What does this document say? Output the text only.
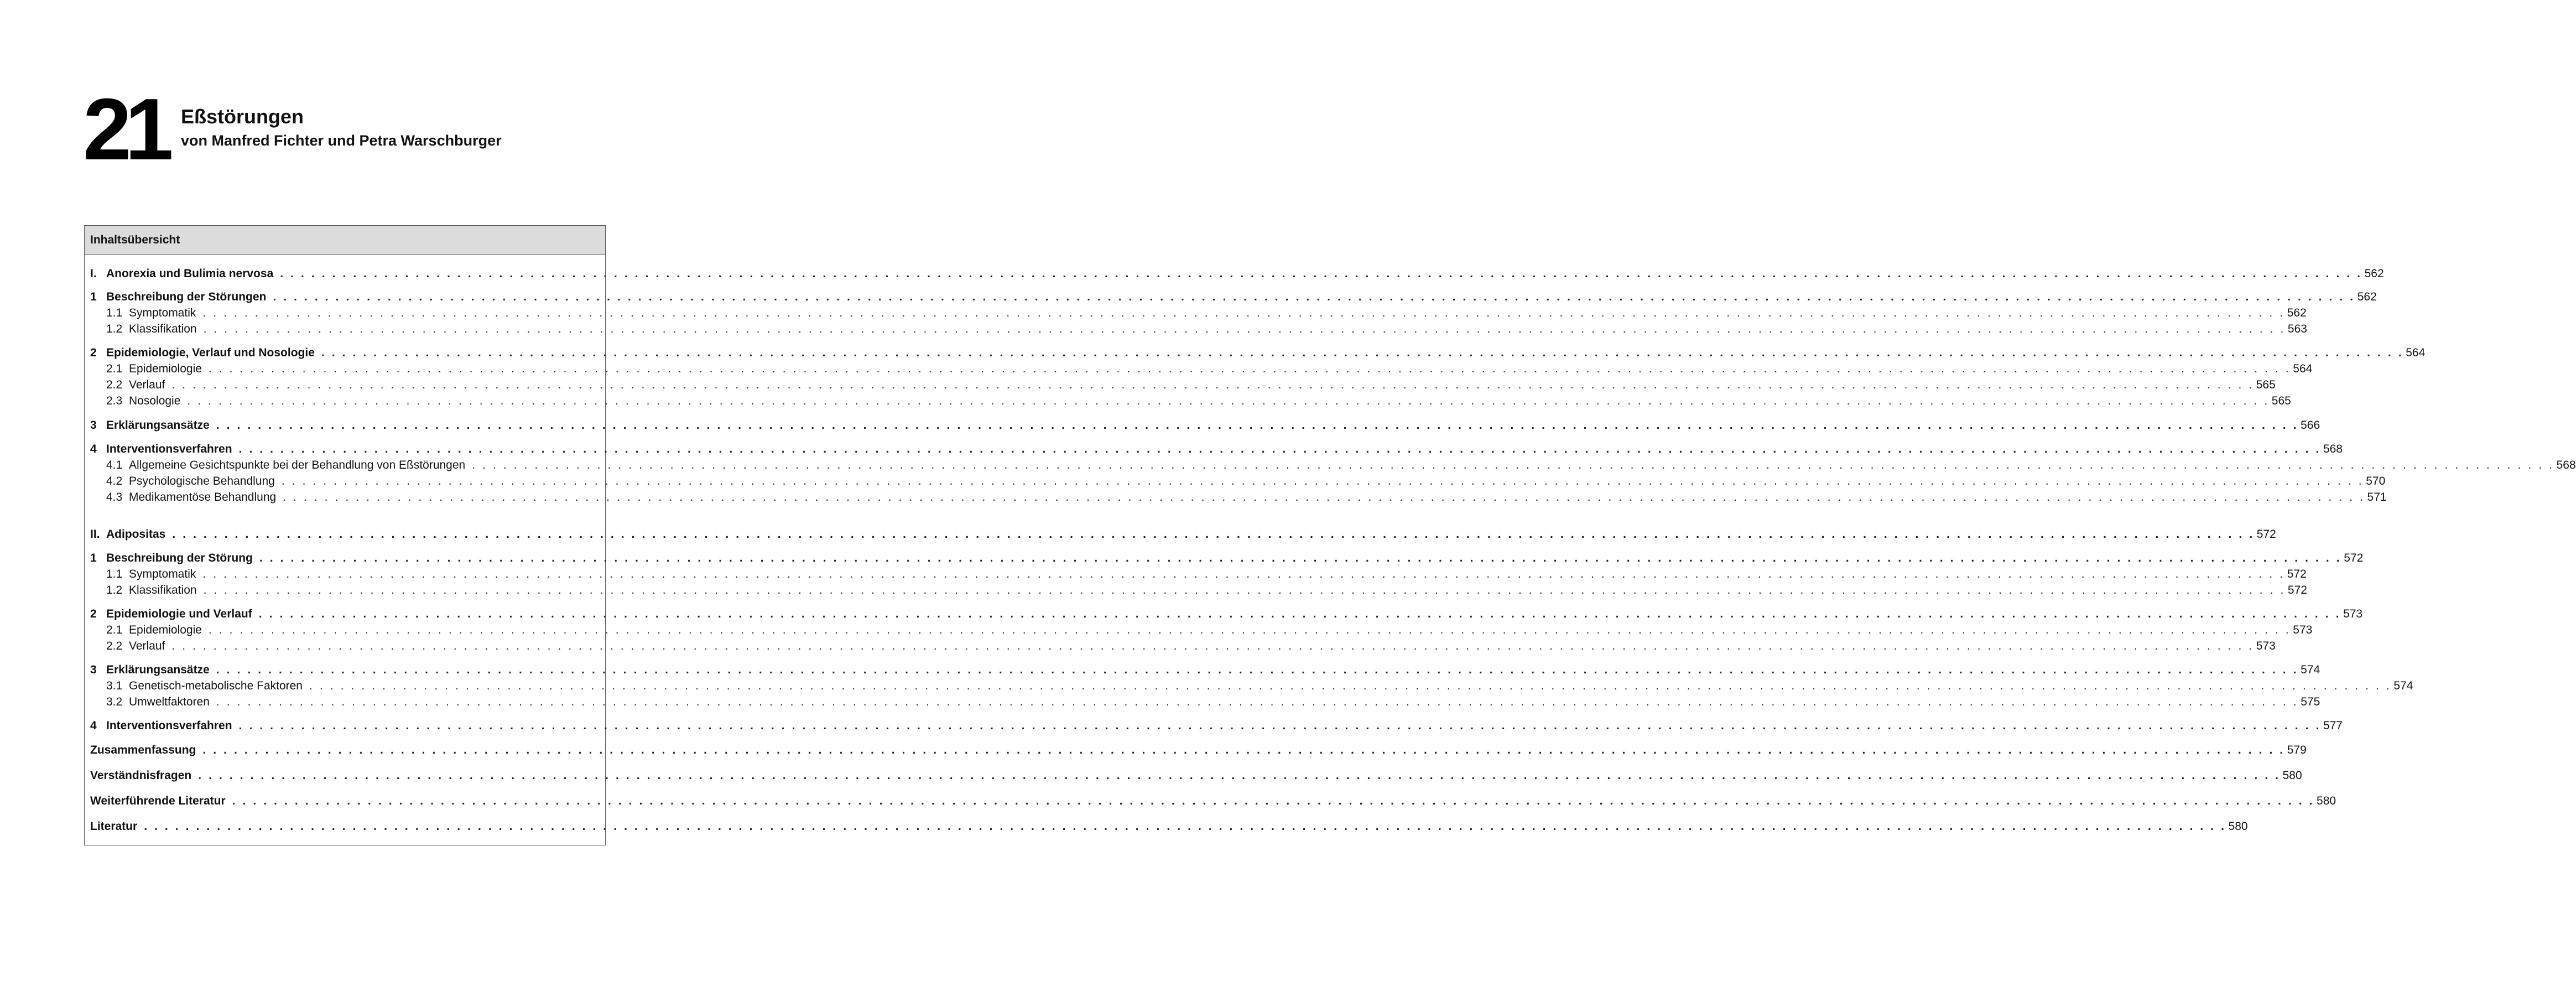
21 Eßstörungen
von Manfred Fichter und Petra Warschburger
Inhaltsübersicht
I. Anorexia und Bulimia nervosa . . . . . . . . . . . . . . . . . . . . . . . . . . . . . . . . . . . . . . . . . . . . . . . . . . . . . . . . . . . . . . . . . . . . . . . . . . . . . . . . . . . . . . . . . . . . . . . . . . . . . . . . . . . . . . . . . . . . . . . . . . . . . . . . . . . . . . . . . . . . . . . . . . . . . . . . . . . . . . . . . . . . . . . . . . . . . . . . . . . . . . . . . . . . . . . . . . . . . . . . 562
1 Beschreibung der Störungen . . . . . . . . . . . . . . . . . . . . . . . . . . . . . . . . . . . . . . . . . . . . . . . . . . . . . . . . . . . . . . . . . . . . . . . . . . . . . . . . . . . . . . . . . . . . . . . . . . . . . . . . . . . . . . . . . . . . . . . . . . . . . . . . . . . . . . . . . . . . . . . . . . . . . . . . . . . . . . . . . . . . . . . . . . . . . . . . . . . . . . . . . . . . . . . . . . . . . . . . 562
1.1 Symptomatik . . . . . . . . . . . . . . . . . . . . . . . . . . . . . . . . . . . . . . . . . . . . . . . . . . . . . . . . . . . . . . . . . . . . . . . . . . . . . . . . . . . . . . . . . . . . . . . . . . . . . . . . . . . . . . . . . . . . . . . . . . . . . . . . . . . . . . . . . . . . . . . . . . . . . . . . . . . . . . . . . . . . . . . . . . . . . . . . . . . . . . . . . . . . . . . . . . . . . . . . 562
1.2 Klassifikation . . . . . . . . . . . . . . . . . . . . . . . . . . . . . . . . . . . . . . . . . . . . . . . . . . . . . . . . . . . . . . . . . . . . . . . . . . . . . . . . . . . . . . . . . . . . . . . . . . . . . . . . . . . . . . . . . . . . . . . . . . . . . . . . . . . . . . . . . . . . . . . . . . . . . . . . . . . . . . . . . . . . . . . . . . . . . . . . . . . . . . . . . . . . . . . . . . . . . . . . 563
2 Epidemiologie, Verlauf und Nosologie . . . . . . . . . . . . . . . . . . . . . . . . . . . . . . . . . . . . . . . . . . . . . . . . . . . . . . . . . . . . . . . . . . . . . . . . . . . . . . . . . . . . . . . . . . . . . . . . . . . . . . . . . . . . . . . . . . . . . . . . . . . . . . . . . . . . . . . . . . . . . . . . . . . . . . . . . . . . . . . . . . . . . . . . . . . . . . . . . . . . . . . . . . . . . . . . . . . . . . . . 564
2.1 Epidemiologie . . . . . . . . . . . . . . . . . . . . . . . . . . . . . . . . . . . . . . . . . . . . . . . . . . . . . . . . . . . . . . . . . . . . . . . . . . . . . . . . . . . . . . . . . . . . . . . . . . . . . . . . . . . . . . . . . . . . . . . . . . . . . . . . . . . . . . . . . . . . . . . . . . . . . . . . . . . . . . . . . . . . . . . . . . . . . . . . . . . . . . . . . . . . . . . . . . . . . . . . 564
2.2 Verlauf . . . . . . . . . . . . . . . . . . . . . . . . . . . . . . . . . . . . . . . . . . . . . . . . . . . . . . . . . . . . . . . . . . . . . . . . . . . . . . . . . . . . . . . . . . . . . . . . . . . . . . . . . . . . . . . . . . . . . . . . . . . . . . . . . . . . . . . . . . . . . . . . . . . . . . . . . . . . . . . . . . . . . . . . . . . . . . . . . . . . . . . . . . . . . . . . . . . . . . . . 565
2.3 Nosologie . . . . . . . . . . . . . . . . . . . . . . . . . . . . . . . . . . . . . . . . . . . . . . . . . . . . . . . . . . . . . . . . . . . . . . . . . . . . . . . . . . . . . . . . . . . . . . . . . . . . . . . . . . . . . . . . . . . . . . . . . . . . . . . . . . . . . . . . . . . . . . . . . . . . . . . . . . . . . . . . . . . . . . . . . . . . . . . . . . . . . . . . . . . . . . . . . . . . . . . . 565
3 Erklärungsansätze . . . . . . . . . . . . . . . . . . . . . . . . . . . . . . . . . . . . . . . . . . . . . . . . . . . . . . . . . . . . . . . . . . . . . . . . . . . . . . . . . . . . . . . . . . . . . . . . . . . . . . . . . . . . . . . . . . . . . . . . . . . . . . . . . . . . . . . . . . . . . . . . . . . . . . . . . . . . . . . . . . . . . . . . . . . . . . . . . . . . . . . . . . . . . . . . . . . . . . . . 566
4 Interventionsverfahren . . . . . . . . . . . . . . . . . . . . . . . . . . . . . . . . . . . . . . . . . . . . . . . . . . . . . . . . . . . . . . . . . . . . . . . . . . . . . . . . . . . . . . . . . . . . . . . . . . . . . . . . . . . . . . . . . . . . . . . . . . . . . . . . . . . . . . . . . . . . . . . . . . . . . . . . . . . . . . . . . . . . . . . . . . . . . . . . . . . . . . . . . . . . . . . . . . . . . . . . 568
4.1 Allgemeine Gesichtspunkte bei der Behandlung von Eßstörungen . . . . . . . . . . . . . . . . . . . . . . . . . . . . . . . . . . . . . . . . . . . . . . . . . . . . . . . . . . . . . . . . . . . . . . . . . . . . . . . . . . . . . . . . . . . . . . . . . . . . . . . . . . . . . . . . . . . . . . . . . . . . . . . . . . . . . . . . . . . . . . . . . . . . . . . . . . . . . . . . . . . . . . . . . . . . . . . . . . . . . . . . . . . . . . . . . . . . . . . . 568
4.2 Psychologische Behandlung . . . . . . . . . . . . . . . . . . . . . . . . . . . . . . . . . . . . . . . . . . . . . . . . . . . . . . . . . . . . . . . . . . . . . . . . . . . . . . . . . . . . . . . . . . . . . . . . . . . . . . . . . . . . . . . . . . . . . . . . . . . . . . . . . . . . . . . . . . . . . . . . . . . . . . . . . . . . . . . . . . . . . . . . . . . . . . . . . . . . . . . . . . . . . . . . . . . . . . . . 570
4.3 Medikamentöse Behandlung . . . . . . . . . . . . . . . . . . . . . . . . . . . . . . . . . . . . . . . . . . . . . . . . . . . . . . . . . . . . . . . . . . . . . . . . . . . . . . . . . . . . . . . . . . . . . . . . . . . . . . . . . . . . . . . . . . . . . . . . . . . . . . . . . . . . . . . . . . . . . . . . . . . . . . . . . . . . . . . . . . . . . . . . . . . . . . . . . . . . . . . . . . . . . . . . . . . . . . . . 571
II. Adipositas . . . . . . . . . . . . . . . . . . . . . . . . . . . . . . . . . . . . . . . . . . . . . . . . . . . . . . . . . . . . . . . . . . . . . . . . . . . . . . . . . . . . . . . . . . . . . . . . . . . . . . . . . . . . . . . . . . . . . . . . . . . . . . . . . . . . . . . . . . . . . . . . . . . . . . . . . . . . . . . . . . . . . . . . . . . . . . . . . . . . . . . . . . . . . . . . . . . . . . . . 572
1 Beschreibung der Störung . . . . . . . . . . . . . . . . . . . . . . . . . . . . . . . . . . . . . . . . . . . . . . . . . . . . . . . . . . . . . . . . . . . . . . . . . . . . . . . . . . . . . . . . . . . . . . . . . . . . . . . . . . . . . . . . . . . . . . . . . . . . . . . . . . . . . . . . . . . . . . . . . . . . . . . . . . . . . . . . . . . . . . . . . . . . . . . . . . . . . . . . . . . . . . . . . . . . . . . . 572
1.1 Symptomatik . . . . . . . . . . . . . . . . . . . . . . . . . . . . . . . . . . . . . . . . . . . . . . . . . . . . . . . . . . . . . . . . . . . . . . . . . . . . . . . . . . . . . . . . . . . . . . . . . . . . . . . . . . . . . . . . . . . . . . . . . . . . . . . . . . . . . . . . . . . . . . . . . . . . . . . . . . . . . . . . . . . . . . . . . . . . . . . . . . . . . . . . . . . . . . . . . . . . . . . . 572
1.2 Klassifikation . . . . . . . . . . . . . . . . . . . . . . . . . . . . . . . . . . . . . . . . . . . . . . . . . . . . . . . . . . . . . . . . . . . . . . . . . . . . . . . . . . . . . . . . . . . . . . . . . . . . . . . . . . . . . . . . . . . . . . . . . . . . . . . . . . . . . . . . . . . . . . . . . . . . . . . . . . . . . . . . . . . . . . . . . . . . . . . . . . . . . . . . . . . . . . . . . . . . . . . . 572
2 Epidemiologie und Verlauf . . . . . . . . . . . . . . . . . . . . . . . . . . . . . . . . . . . . . . . . . . . . . . . . . . . . . . . . . . . . . . . . . . . . . . . . . . . . . . . . . . . . . . . . . . . . . . . . . . . . . . . . . . . . . . . . . . . . . . . . . . . . . . . . . . . . . . . . . . . . . . . . . . . . . . . . . . . . . . . . . . . . . . . . . . . . . . . . . . . . . . . . . . . . . . . . . . . . . . . . 573
2.1 Epidemiologie . . . . . . . . . . . . . . . . . . . . . . . . . . . . . . . . . . . . . . . . . . . . . . . . . . . . . . . . . . . . . . . . . . . . . . . . . . . . . . . . . . . . . . . . . . . . . . . . . . . . . . . . . . . . . . . . . . . . . . . . . . . . . . . . . . . . . . . . . . . . . . . . . . . . . . . . . . . . . . . . . . . . . . . . . . . . . . . . . . . . . . . . . . . . . . . . . . . . . . . . 573
2.2 Verlauf . . . . . . . . . . . . . . . . . . . . . . . . . . . . . . . . . . . . . . . . . . . . . . . . . . . . . . . . . . . . . . . . . . . . . . . . . . . . . . . . . . . . . . . . . . . . . . . . . . . . . . . . . . . . . . . . . . . . . . . . . . . . . . . . . . . . . . . . . . . . . . . . . . . . . . . . . . . . . . . . . . . . . . . . . . . . . . . . . . . . . . . . . . . . . . . . . . . . . . . . 573
3 Erklärungsansätze . . . . . . . . . . . . . . . . . . . . . . . . . . . . . . . . . . . . . . . . . . . . . . . . . . . . . . . . . . . . . . . . . . . . . . . . . . . . . . . . . . . . . . . . . . . . . . . . . . . . . . . . . . . . . . . . . . . . . . . . . . . . . . . . . . . . . . . . . . . . . . . . . . . . . . . . . . . . . . . . . . . . . . . . . . . . . . . . . . . . . . . . . . . . . . . . . . . . . . . . 574
3.1 Genetisch-metabolische Faktoren . . . . . . . . . . . . . . . . . . . . . . . . . . . . . . . . . . . . . . . . . . . . . . . . . . . . . . . . . . . . . . . . . . . . . . . . . . . . . . . . . . . . . . . . . . . . . . . . . . . . . . . . . . . . . . . . . . . . . . . . . . . . . . . . . . . . . . . . . . . . . . . . . . . . . . . . . . . . . . . . . . . . . . . . . . . . . . . . . . . . . . . . . . . . . . . . . . . . . . . . 574
3.2 Umweltfaktoren . . . . . . . . . . . . . . . . . . . . . . . . . . . . . . . . . . . . . . . . . . . . . . . . . . . . . . . . . . . . . . . . . . . . . . . . . . . . . . . . . . . . . . . . . . . . . . . . . . . . . . . . . . . . . . . . . . . . . . . . . . . . . . . . . . . . . . . . . . . . . . . . . . . . . . . . . . . . . . . . . . . . . . . . . . . . . . . . . . . . . . . . . . . . . . . . . . . . . . . . 575
4 Interventionsverfahren . . . . . . . . . . . . . . . . . . . . . . . . . . . . . . . . . . . . . . . . . . . . . . . . . . . . . . . . . . . . . . . . . . . . . . . . . . . . . . . . . . . . . . . . . . . . . . . . . . . . . . . . . . . . . . . . . . . . . . . . . . . . . . . . . . . . . . . . . . . . . . . . . . . . . . . . . . . . . . . . . . . . . . . . . . . . . . . . . . . . . . . . . . . . . . . . . . . . . . . . 577
Zusammenfassung . . . . . . . . . . . . . . . . . . . . . . . . . . . . . . . . . . . . . . . . . . . . . . . . . . . . . . . . . . . . . . . . . . . . . . . . . . . . . . . . . . . . . . . . . . . . . . . . . . . . . . . . . . . . . . . . . . . . . . . . . . . . . . . . . . . . . . . . . . . . . . . . . . . . . . . . . . . . . . . . . . . . . . . . . . . . . . . . . . . . . . . . . . . . . . . . . . . . . . . . 579
Verständnisfragen . . . . . . . . . . . . . . . . . . . . . . . . . . . . . . . . . . . . . . . . . . . . . . . . . . . . . . . . . . . . . . . . . . . . . . . . . . . . . . . . . . . . . . . . . . . . . . . . . . . . . . . . . . . . . . . . . . . . . . . . . . . . . . . . . . . . . . . . . . . . . . . . . . . . . . . . . . . . . . . . . . . . . . . . . . . . . . . . . . . . . . . . . . . . . . . . . . . . . . . . 580
Weiterführende Literatur . . . . . . . . . . . . . . . . . . . . . . . . . . . . . . . . . . . . . . . . . . . . . . . . . . . . . . . . . . . . . . . . . . . . . . . . . . . . . . . . . . . . . . . . . . . . . . . . . . . . . . . . . . . . . . . . . . . . . . . . . . . . . . . . . . . . . . . . . . . . . . . . . . . . . . . . . . . . . . . . . . . . . . . . . . . . . . . . . . . . . . . . . . . . . . . . . . . . . . . . 580
Literatur . . . . . . . . . . . . . . . . . . . . . . . . . . . . . . . . . . . . . . . . . . . . . . . . . . . . . . . . . . . . . . . . . . . . . . . . . . . . . . . . . . . . . . . . . . . . . . . . . . . . . . . . . . . . . . . . . . . . . . . . . . . . . . . . . . . . . . . . . . . . . . . . . . . . . . . . . . . . . . . . . . . . . . . . . . . . . . . . . . . . . . . . . . . . . . . . . . . . . . . . 580
